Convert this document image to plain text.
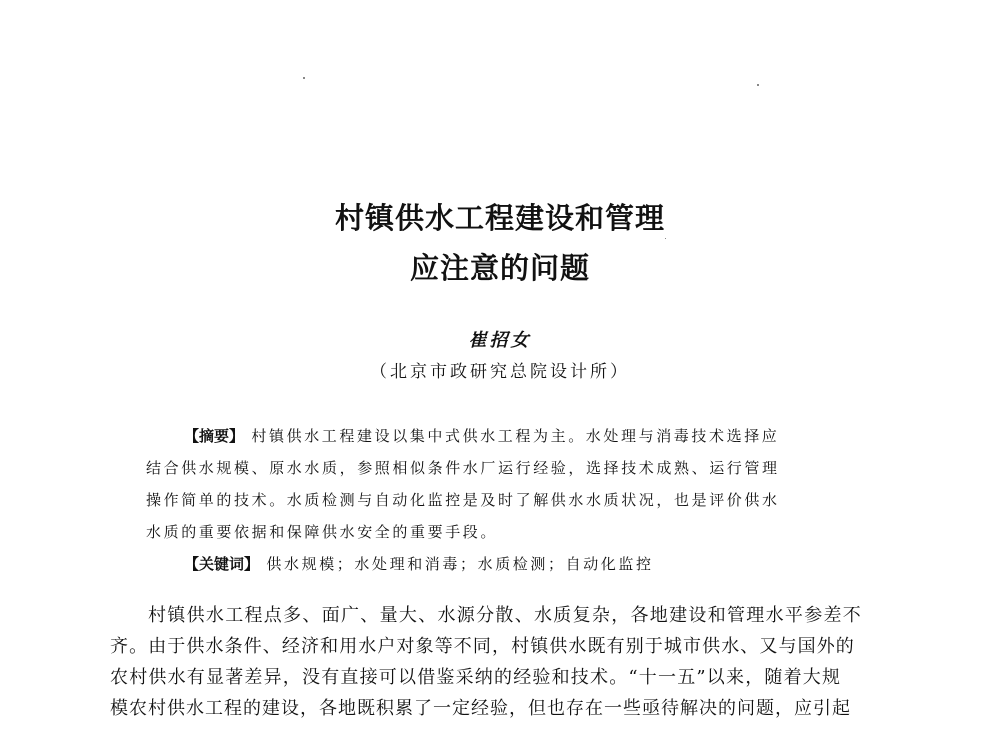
村镇供水工程建设和管理
应注意的问题
崔招女
（北京市政研究总院设计所）
【摘要】 村镇供水工程建设以集中式供水工程为主。水处理与消毒技术选择应
结合供水规模、原水水质，参照相似条件水厂运行经验，选择技术成熟、运行管理
操作简单的技术。水质检测与自动化监控是及时了解供水水质状况，也是评价供水
水质的重要依据和保障供水安全的重要手段。
【关键词】 供水规模；水处理和消毒；水质检测；自动化监控
村镇供水工程点多、面广、量大、水源分散、水质复杂，各地建设和管理水平参差不
齐。由于供水条件、经济和用水户对象等不同，村镇供水既有别于城市供水、又与国外的
农村供水有显著差异，没有直接可以借鉴采纳的经验和技术。“十一五”以来，随着大规
模农村供水工程的建设，各地既积累了一定经验，但也存在一些亟待解决的问题，应引起
